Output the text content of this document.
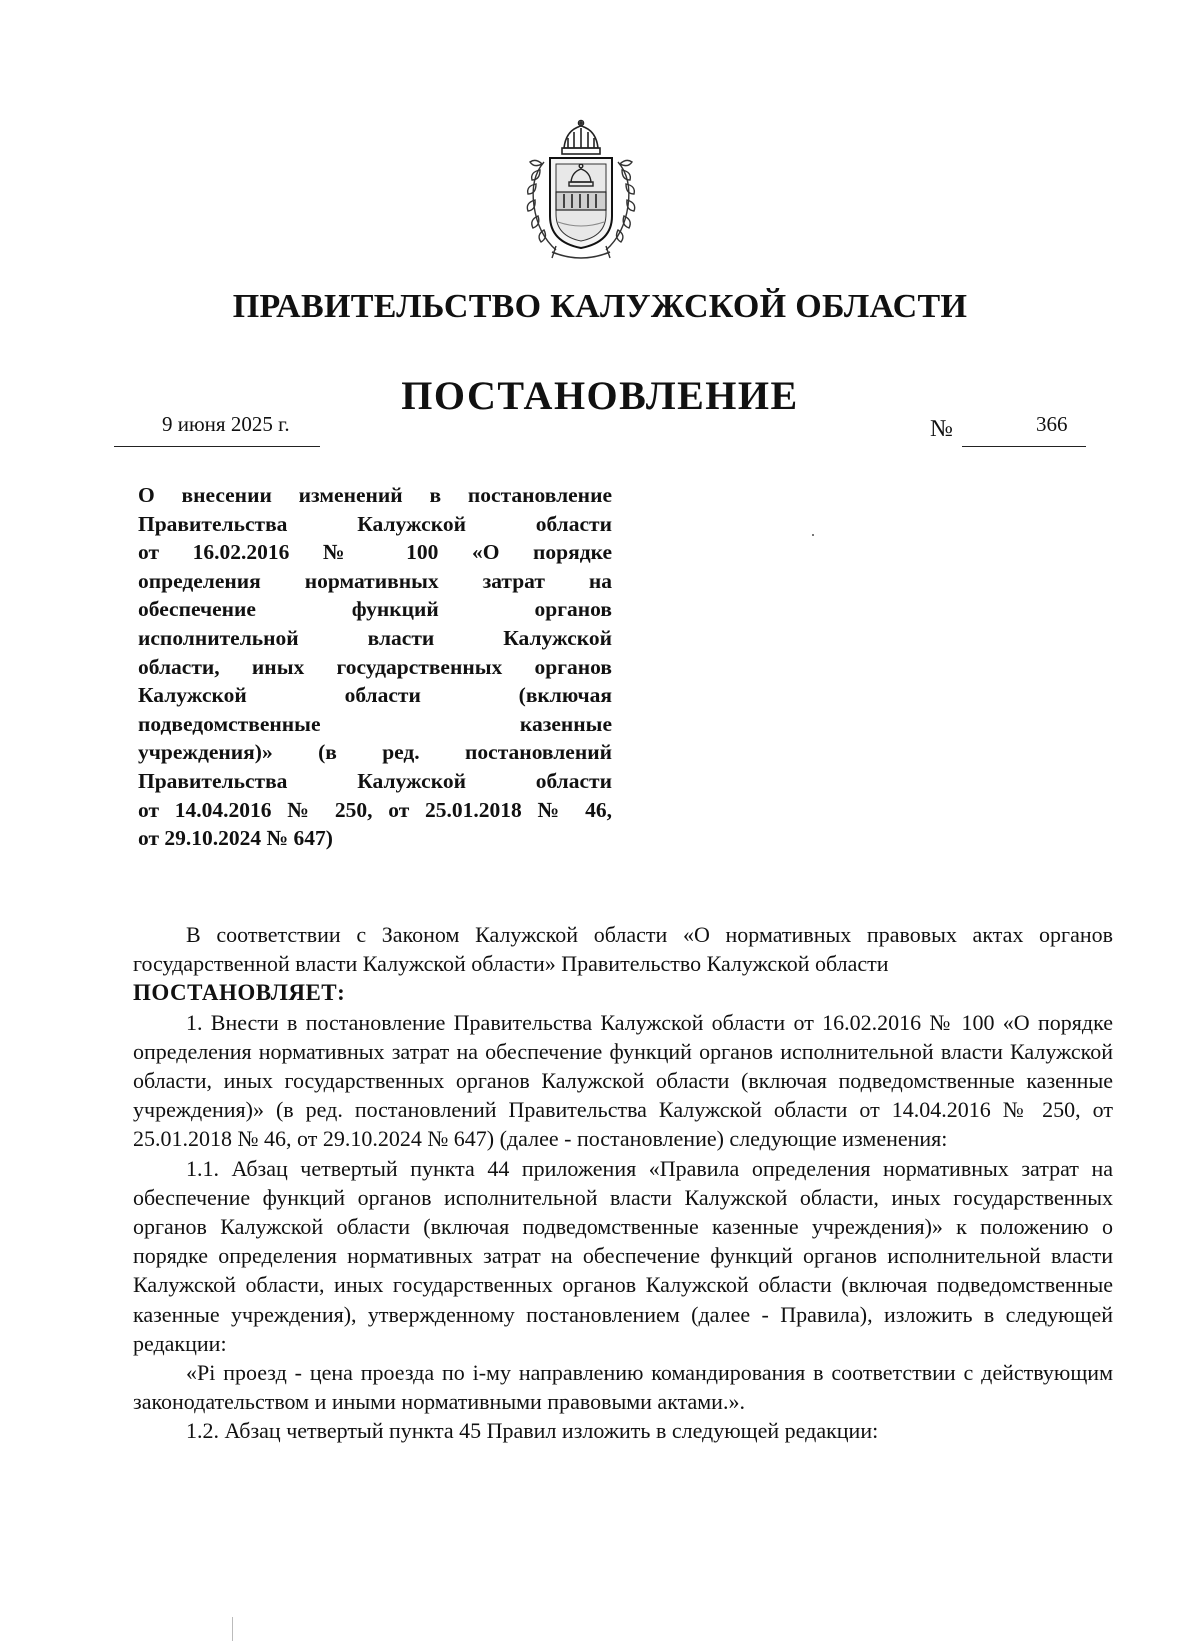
ПРАВИТЕЛЬСТВО КАЛУЖСКОЙ ОБЛАСТИ
ПОСТАНОВЛЕНИЕ
9 июня 2025 г.	№	366
О внесении изменений в постановление
Правительства Калужской области
от 16.02.2016 № 100 «О порядке
определения нормативных затрат на
обеспечение функций органов
исполнительной власти Калужской
области, иных государственных органов
Калужской области (включая
подведомственные казенные
учреждения)» (в ред. постановлений
Правительства Калужской области
от 14.04.2016 № 250, от 25.01.2018 № 46,
от 29.10.2024 № 647)

В соответствии с Законом Калужской области «О нормативных правовых актах органов государственной власти Калужской области» Правительство Калужской области

ПОСТАНОВЛЯЕТ:

1. Внести в постановление Правительства Калужской области от 16.02.2016 № 100 «О порядке определения нормативных затрат на обеспечение функций органов исполнительной власти Калужской области, иных государственных органов Калужской области (включая подведомственные казенные учреждения)» (в ред. постановлений Правительства Калужской области от 14.04.2016 № 250, от 25.01.2018 № 46, от 29.10.2024 № 647) (далее - постановление) следующие изменения:

1.1. Абзац четвертый пункта 44 приложения «Правила определения нормативных затрат на обеспечение функций органов исполнительной власти Калужской области, иных государственных органов Калужской области (включая подведомственные казенные учреждения)» к положению о порядке определения нормативных затрат на обеспечение функций органов исполнительной власти Калужской области, иных государственных органов Калужской области (включая подведомственные казенные учреждения), утвержденному постановлением (далее - Правила), изложить в следующей редакции:

«Pi проезд - цена проезда по i-му направлению командирования в соответствии с действующим законодательством и иными нормативными правовыми актами.».

1.2. Абзац четвертый пункта 45 Правил изложить в следующей редакции:
